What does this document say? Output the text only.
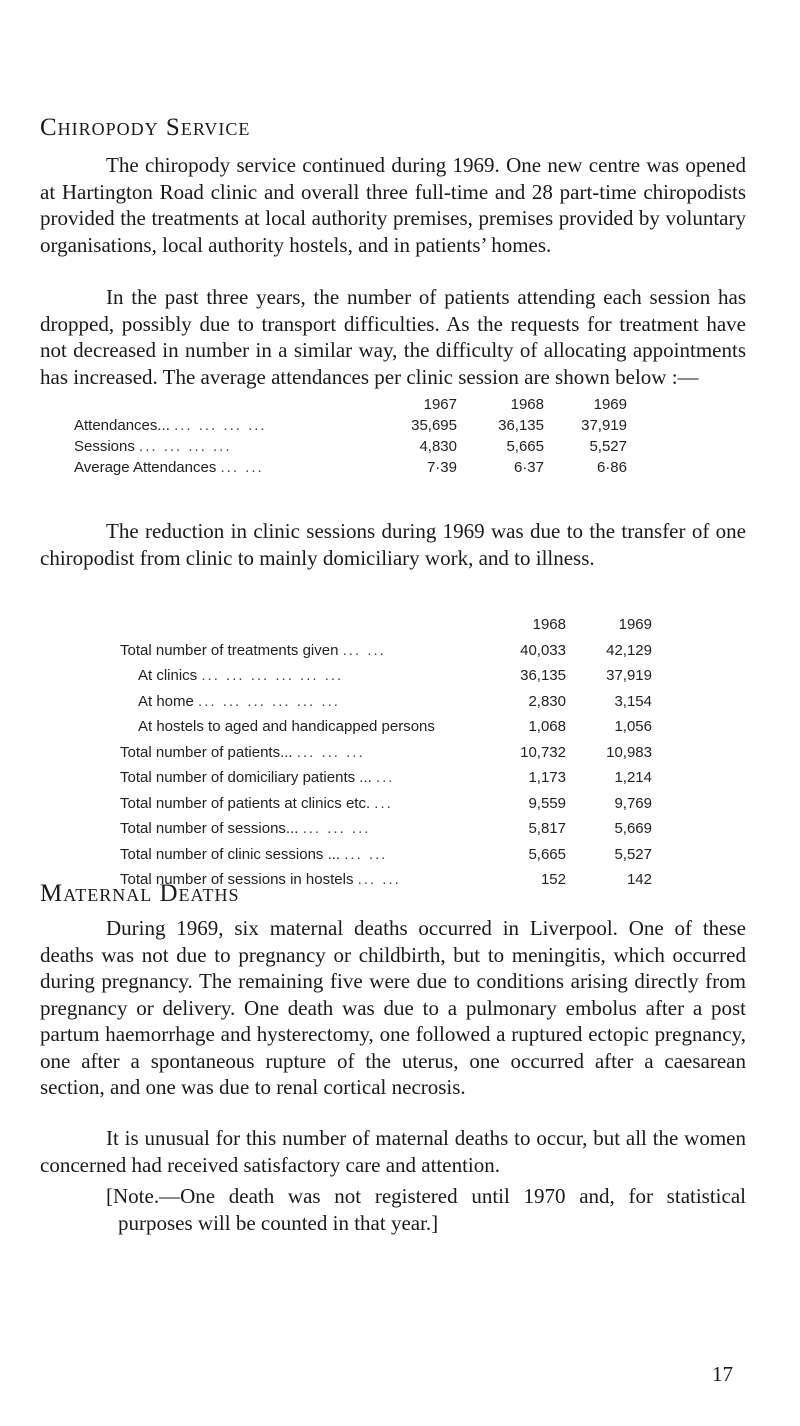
Chiropody Service

The chiropody service continued during 1969. One new centre was opened at Hartington Road clinic and overall three full-time and 28 part-time chiropodists provided the treatments at local authority premises, premises provided by voluntary organisations, local authority hostels, and in patients’ homes.

In the past three years, the number of patients attending each session has dropped, possibly due to transport difficulties. As the requests for treatment have not decreased in number in a similar way, the difficulty of allocating appointments has increased. The average attendances per clinic session are shown below :—

	1967	1968	1969
Attendances... ... ... ... ...	35,695	36,135	37,919
Sessions ... ... ... ...	4,830	5,665	5,527
Average Attendances ... ...	7·39	6·37	6·86

The reduction in clinic sessions during 1969 was due to the transfer of one chiropodist from clinic to mainly domiciliary work, and to illness.

	1968	1969
Total number of treatments given ... ...	40,033	42,129
At clinics ... ... ... ... ... ...	36,135	37,919
At home ... ... ... ... ... ...	2,830	3,154
At hostels to aged and handicapped persons	1,068	1,056
Total number of patients... ... ... ...	10,732	10,983
Total number of domiciliary patients ... ...	1,173	1,214
Total number of patients at clinics etc. ...	9,559	9,769
Total number of sessions... ... ... ...	5,817	5,669
Total number of clinic sessions ... ... ...	5,665	5,527
Total number of sessions in hostels ... ...	152	142
Maternal Deaths

During 1969, six maternal deaths occurred in Liverpool. One of these deaths was not due to pregnancy or childbirth, but to meningitis, which occurred during pregnancy. The remaining five were due to conditions arising directly from pregnancy or delivery. One death was due to a pulmonary embolus after a post partum haemorrhage and hysterectomy, one followed a ruptured ectopic pregnancy, one after a spontaneous rupture of the uterus, one occurred after a caesarean section, and one was due to renal cortical necrosis.

It is unusual for this number of maternal deaths to occur, but all the women concerned had received satisfactory care and attention.

[Note.—One death was not registered until 1970 and, for statistical purposes will be counted in that year.]

17
